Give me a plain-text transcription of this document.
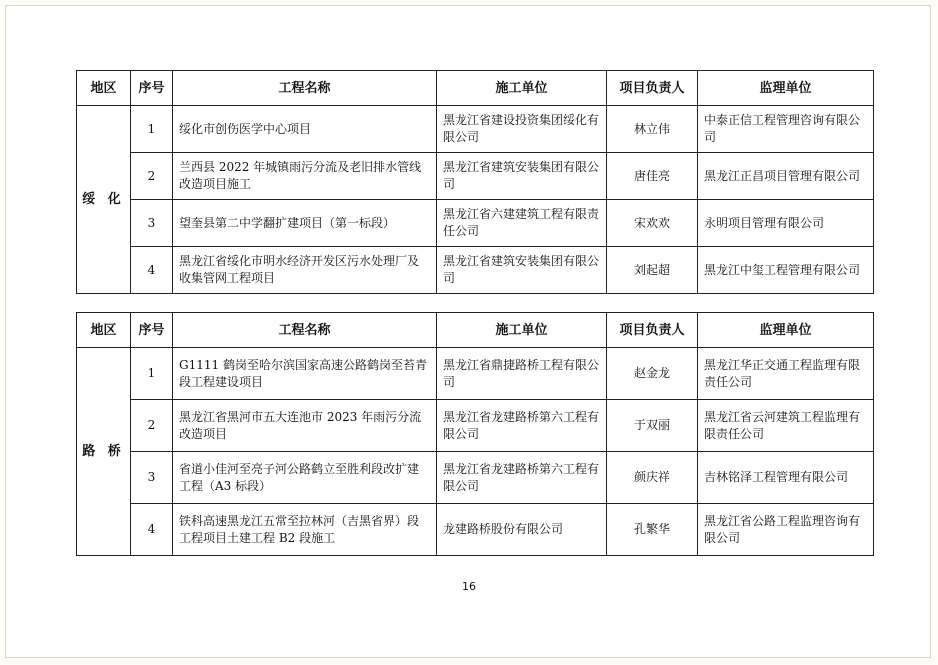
地区	序号	工程名称	施工单位	项目负责人	监理单位
绥 化	1	绥化市创伤医学中心项目	黑龙江省建设投资集团绥化有限公司	林立伟	中泰正信工程管理咨询有限公司
	2	兰西县 2022 年城镇雨污分流及老旧排水管线改造项目施工	黑龙江省建筑安装集团有限公司	唐佳亮	黑龙江正昌项目管理有限公司
	3	望奎县第二中学翻扩建项目（第一标段）	黑龙江省六建建筑工程有限责任公司	宋欢欢	永明项目管理有限公司
	4	黑龙江省绥化市明水经济开发区污水处理厂及收集管网工程项目	黑龙江省建筑安装集团有限公司	刘起超	黑龙江中玺工程管理有限公司
地区	序号	工程名称	施工单位	项目负责人	监理单位
路 桥	1	G1111 鹤岗至哈尔滨国家高速公路鹤岗至苔青段工程建设项目	黑龙江省鼎捷路桥工程有限公司	赵金龙	黑龙江华正交通工程监理有限责任公司
	2	黑龙江省黑河市五大连池市 2023 年雨污分流改造项目	黑龙江省龙建路桥第六工程有限公司	于双丽	黑龙江省云河建筑工程监理有限责任公司
	3	省道小佳河至亮子河公路鹤立至胜利段改扩建工程（A3 标段）	黑龙江省龙建路桥第六工程有限公司	颜庆祥	吉林铭泽工程管理有限公司
	4	铁科高速黑龙江五常至拉林河（吉黑省界）段工程项目土建工程 B2 段施工	龙建路桥股份有限公司	孔繁华	黑龙江省公路工程监理咨询有限公司
16
